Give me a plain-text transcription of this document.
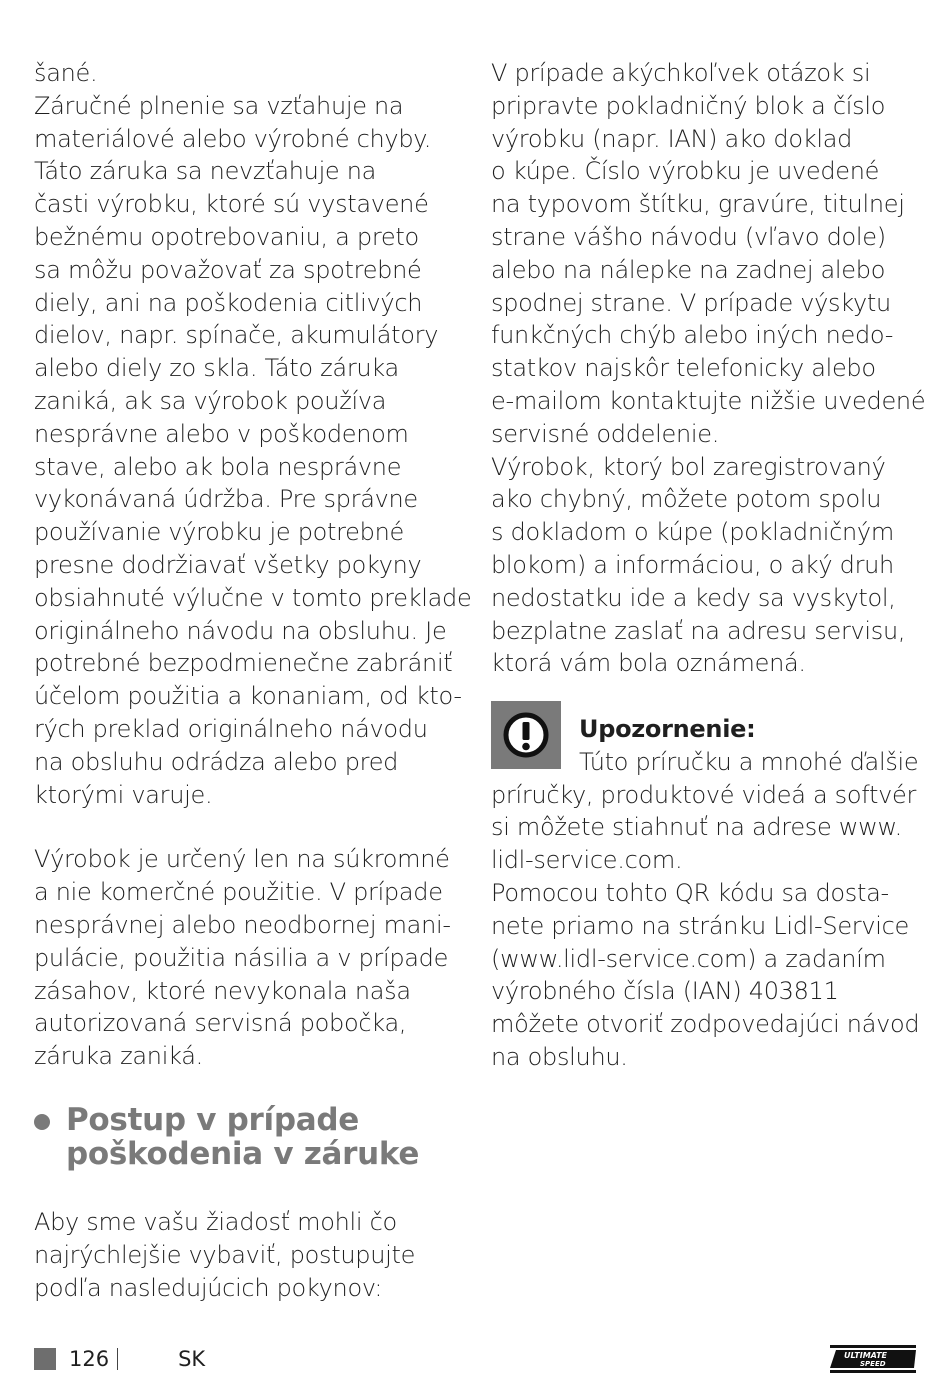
šané.
Záručné plnenie sa vzťahuje na
materiálové alebo výrobné chyby.
Táto záruka sa nevzťahuje na
časti výrobku, ktoré sú vystavené
bežnému opotrebovaniu, a preto
sa môžu považovať za spotrebné
diely, ani na poškodenia citlivých
dielov, napr. spínače, akumulátory
alebo diely zo skla. Táto záruka
zaniká, ak sa výrobok používa
nesprávne alebo v poškodenom
stave, alebo ak bola nesprávne
vykonávaná údržba. Pre správne
používanie výrobku je potrebné
presne dodržiavať všetky pokyny
obsiahnuté výlučne v tomto preklade
originálneho návodu na obsluhu. Je
potrebné bezpodmienečne zabrániť
účelom použitia a konaniam, od kto-
rých preklad originálneho návodu
na obsluhu odrádza alebo pred
ktorými varuje.
Výrobok je určený len na súkromné
a nie komerčné použitie. V prípade
nesprávnej alebo neodbornej mani-
pulácie, použitia násilia a v prípade
zásahov, ktoré nevykonala naša
autorizovaná servisná pobočka,
záruka zaniká.
Postup v prípade
poškodenia v záruke
Aby sme vašu žiadosť mohli čo
najrýchlejšie vybaviť, postupujte
podľa nasledujúcich pokynov:
V prípade akýchkoľvek otázok si
pripravte pokladničný blok a číslo
výrobku (napr. IAN) ako doklad
o kúpe. Číslo výrobku je uvedené
na typovom štítku, gravúre, titulnej
strane vášho návodu (vľavo dole)
alebo na nálepke na zadnej alebo
spodnej strane. V prípade výskytu
funkčných chýb alebo iných nedo-
statkov najskôr telefonicky alebo
e-mailom kontaktujte nižšie uvedené
servisné oddelenie.
Výrobok, ktorý bol zaregistrovaný
ako chybný, môžete potom spolu
s dokladom o kúpe (pokladničným
blokom) a informáciou, o aký druh
nedostatku ide a kedy sa vyskytol,
bezplatne zaslať na adresu servisu,
ktorá vám bola oznámená.
Upozornenie:
Túto príručku a mnohé ďalšie
príručky, produktové videá a softvér
si môžete stiahnuť na adrese www.
lidl-service.com.
Pomocou tohto QR kódu sa dosta-
nete priamo na stránku Lidl-Service
(www.lidl-service.com) a zadaním
výrobného čísla (IAN) 403811
môžete otvoriť zodpovedajúci návod
na obsluhu.
126	SK	ULTIMATE
SPEED
